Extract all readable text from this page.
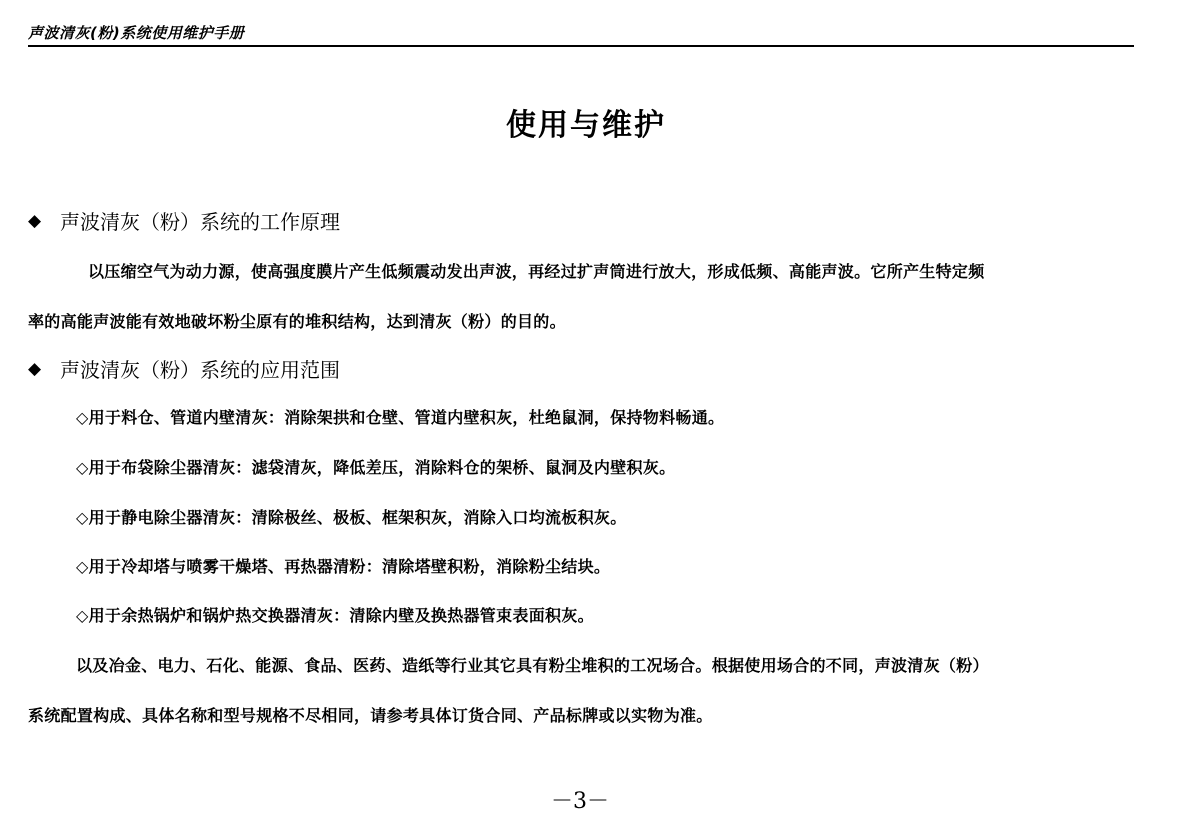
声波清灰(粉)系统使用维护手册
使用与维护
◆ 声波清灰（粉）系统的工作原理
以压缩空气为动力源，使高强度膜片产生低频震动发出声波，再经过扩声筒进行放大，形成低频、高能声波。它所产生特定频
率的高能声波能有效地破坏粉尘原有的堆积结构，达到清灰（粉）的目的。
◆ 声波清灰（粉）系统的应用范围
◇用于料仓、管道内壁清灰：消除架拱和仓壁、管道内壁积灰，杜绝鼠洞，保持物料畅通。
◇用于布袋除尘器清灰：滤袋清灰，降低差压，消除料仓的架桥、鼠洞及内壁积灰。
◇用于静电除尘器清灰：清除极丝、极板、框架积灰，消除入口均流板积灰。
◇用于冷却塔与喷雾干燥塔、再热器清粉：清除塔壁积粉，消除粉尘结块。
◇用于余热锅炉和锅炉热交换器清灰：清除内壁及换热器管束表面积灰。
以及冶金、电力、石化、能源、食品、医药、造纸等行业其它具有粉尘堆积的工况场合。根据使用场合的不同，声波清灰（粉）
系统配置构成、具体名称和型号规格不尽相同，请参考具体订货合同、产品标牌或以实物为准。
－3－
